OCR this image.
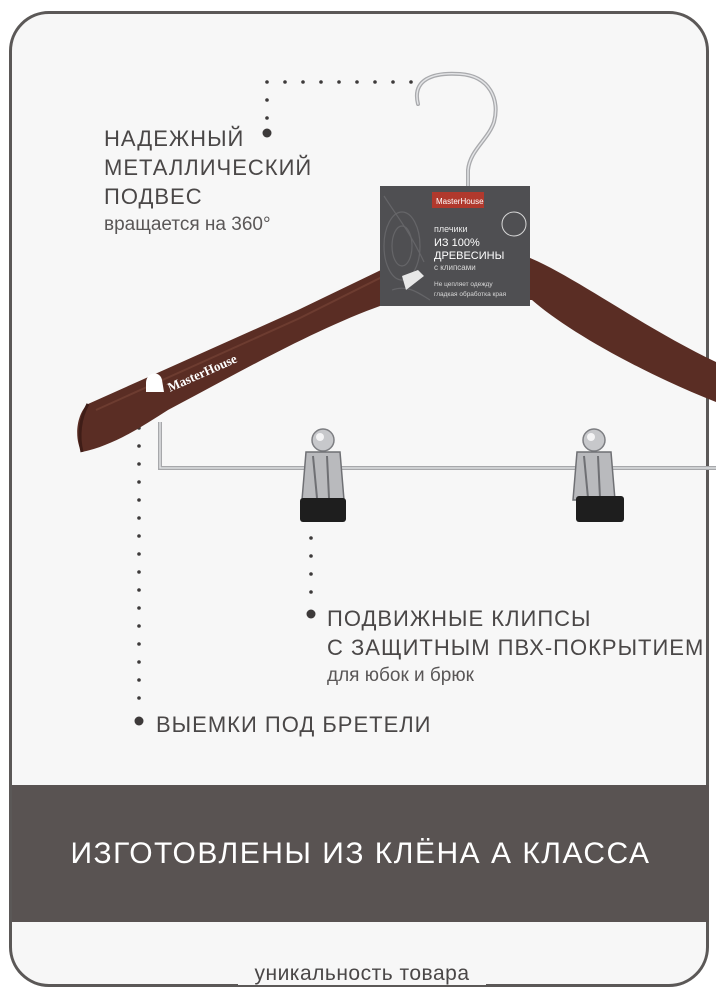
MasterHouse
MasterHouse
плечики
ИЗ 100%
ДРЕВЕСИНЫ
с клипсами
Не цепляет одежду
гладкая обработка края
НАДЕЖНЫЙ
МЕТАЛЛИЧЕСКИЙ
ПОДВЕС
вращается на 360°
ПОДВИЖНЫЕ КЛИПСЫ
С ЗАЩИТНЫМ ПВХ-ПОКРЫТИЕМ
для юбок и брюк
ВЫЕМКИ ПОД БРЕТЕЛИ
ИЗГОТОВЛЕНЫ ИЗ КЛЁНА А КЛАССА
уникальность товара
